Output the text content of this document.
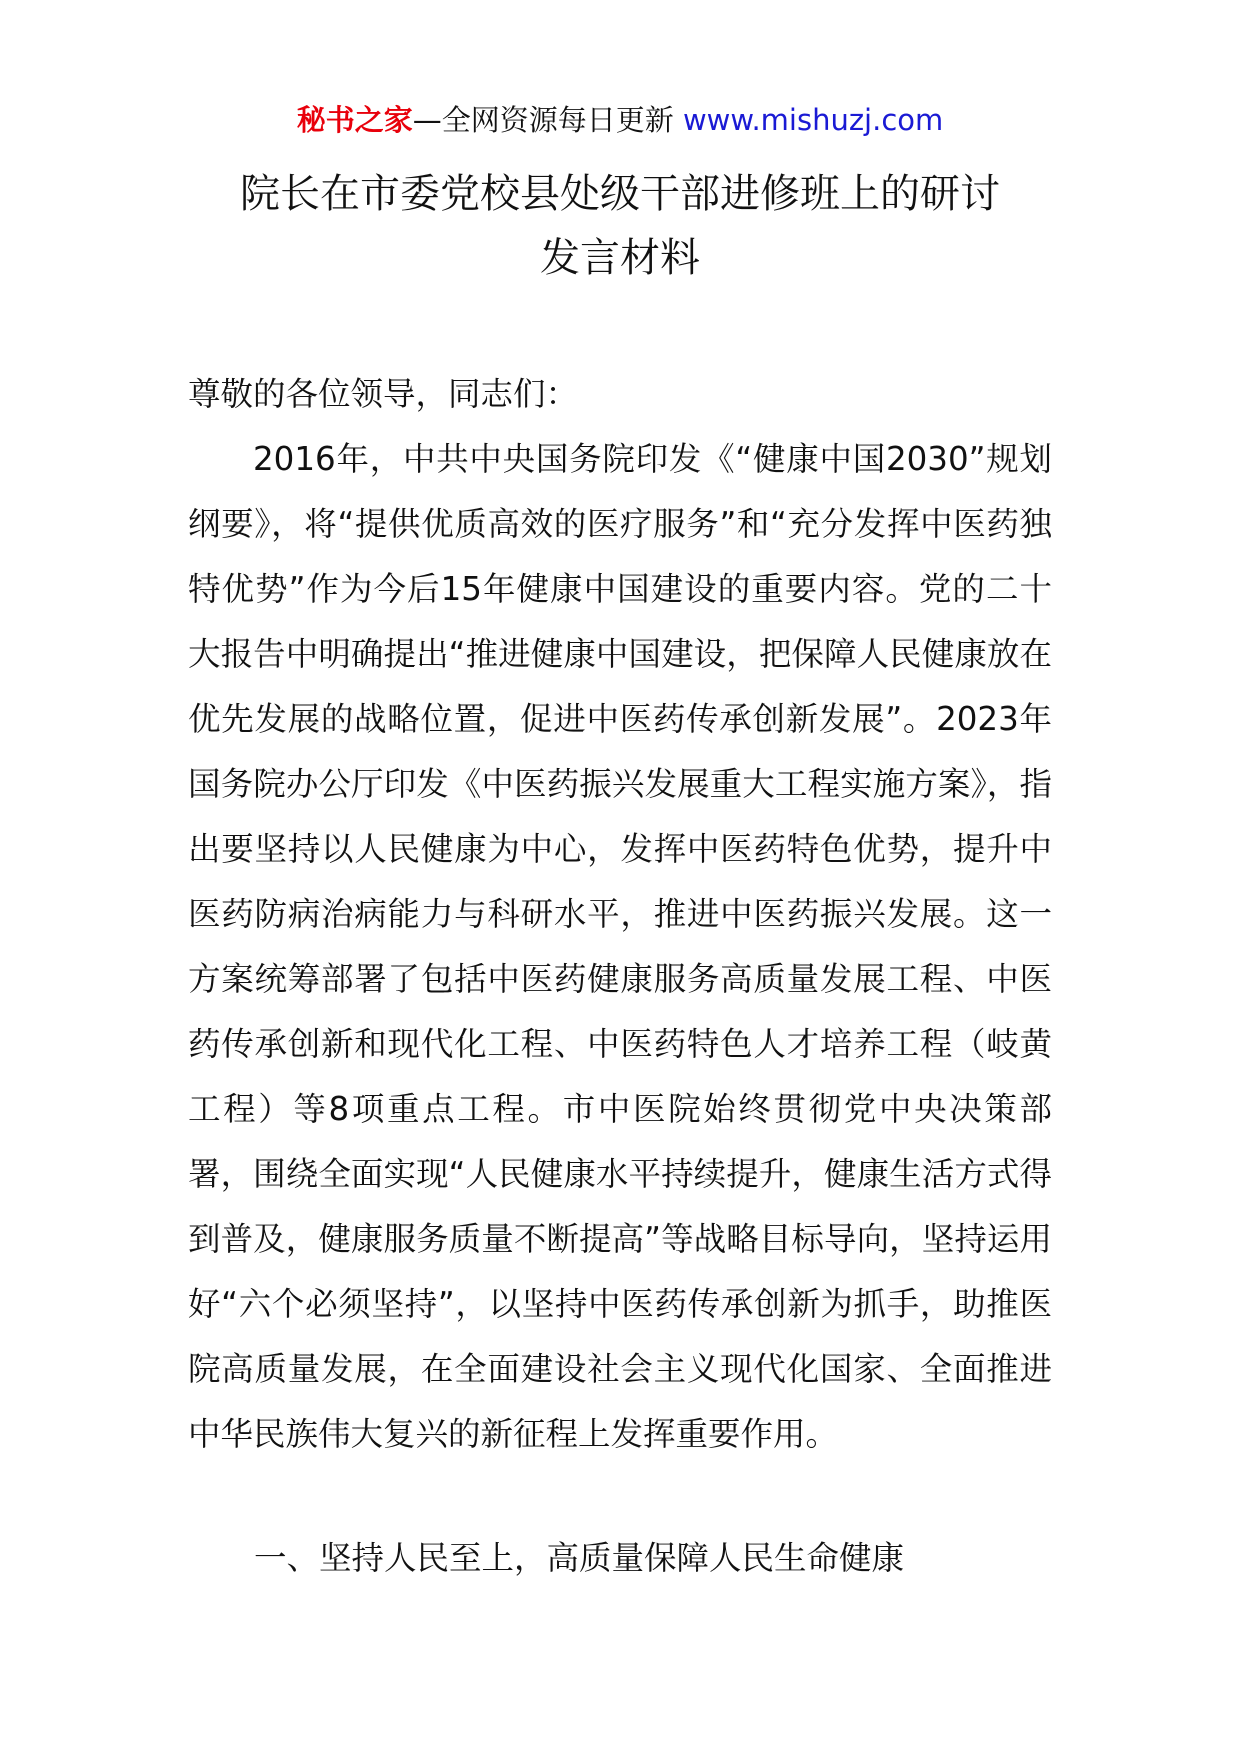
秘书之家—全网资源每日更新 www.mishuzj.com
院长在市委党校县处级干部进修班上的研讨
发言材料

尊敬的各位领导，同志们：

2016年，中共中央国务院印发《“健康中国2030”规划纲要》，将“提供优质高效的医疗服务”和“充分发挥中医药独特优势”作为今后15年健康中国建设的重要内容。党的二十大报告中明确提出“推进健康中国建设，把保障人民健康放在优先发展的战略位置，促进中医药传承创新发展”。2023年国务院办公厅印发《中医药振兴发展重大工程实施方案》，指出要坚持以人民健康为中心，发挥中医药特色优势，提升中医药防病治病能力与科研水平，推进中医药振兴发展。这一方案统筹部署了包括中医药健康服务高质量发展工程、中医药传承创新和现代化工程、中医药特色人才培养工程（岐黄工程）等8项重点工程。市中医院始终贯彻党中央决策部署，围绕全面实现“人民健康水平持续提升，健康生活方式得到普及，健康服务质量不断提高”等战略目标导向，坚持运用好“六个必须坚持”，以坚持中医药传承创新为抓手，助推医院高质量发展，在全面建设社会主义现代化国家、全面推进中华民族伟大复兴的新征程上发挥重要作用。

一、坚持人民至上，高质量保障人民生命健康
